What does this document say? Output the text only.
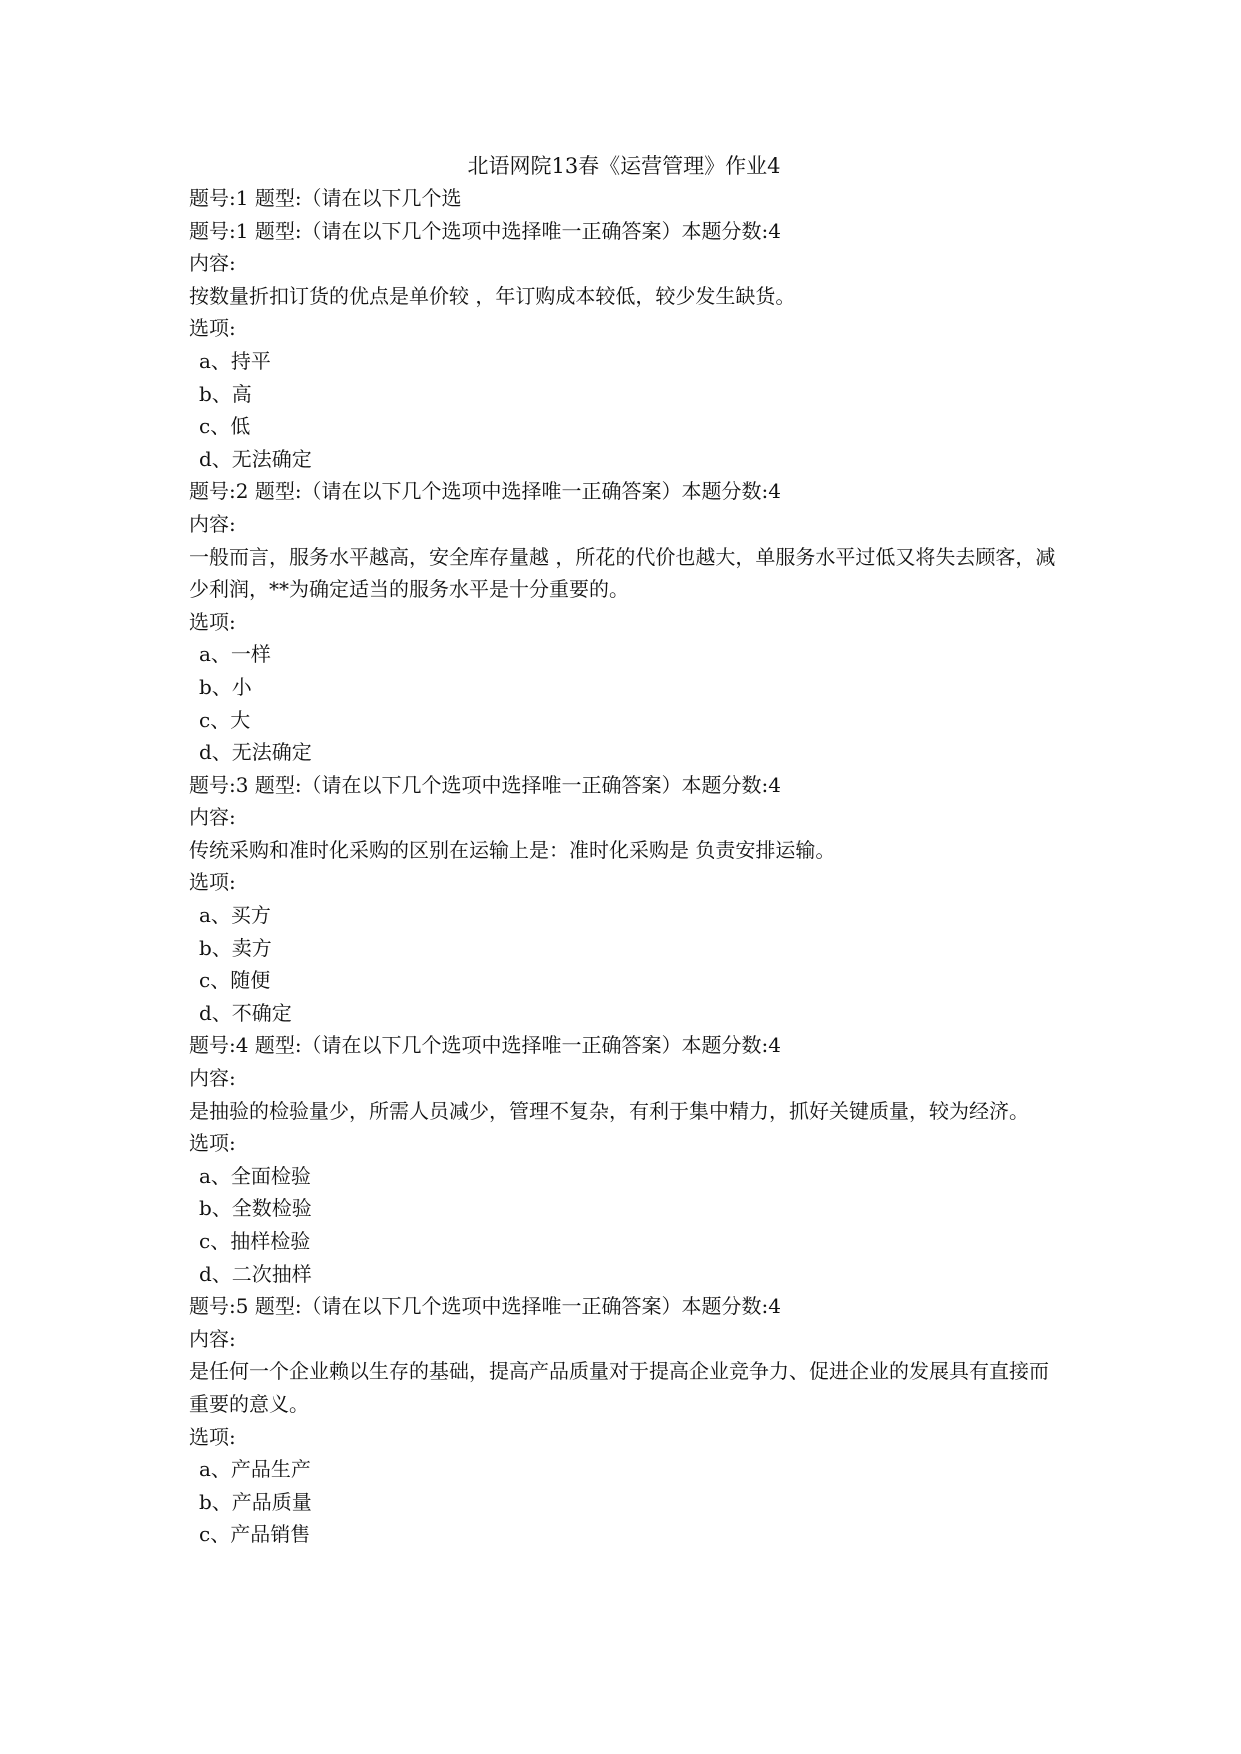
北语网院13春《运营管理》作业4
题号:1 题型:（请在以下几个选
题号:1 题型:（请在以下几个选项中选择唯一正确答案）本题分数:4
内容:
按数量折扣订货的优点是单价较 ，年订购成本较低，较少发生缺货。
选项:
a、持平
b、高
c、低
d、无法确定
题号:2 题型:（请在以下几个选项中选择唯一正确答案）本题分数:4
内容:
一般而言，服务水平越高，安全库存量越 ，所花的代价也越大，单服务水平过低又将失去顾客，减少利润，**为确定适当的服务水平是十分重要的。
选项:
a、一样
b、小
c、大
d、无法确定
题号:3 题型:（请在以下几个选项中选择唯一正确答案）本题分数:4
内容:
传统采购和准时化采购的区别在运输上是：准时化采购是 负责安排运输。
选项:
a、买方
b、卖方
c、随便
d、不确定
题号:4 题型:（请在以下几个选项中选择唯一正确答案）本题分数:4
内容:
是抽验的检验量少，所需人员减少，管理不复杂，有利于集中精力，抓好关键质量，较为经济。
选项:
a、全面检验
b、全数检验
c、抽样检验
d、二次抽样
题号:5 题型:（请在以下几个选项中选择唯一正确答案）本题分数:4
内容:
是任何一个企业赖以生存的基础，提高产品质量对于提高企业竞争力、促进企业的发展具有直接而重要的意义。
选项:
a、产品生产
b、产品质量
c、产品销售
